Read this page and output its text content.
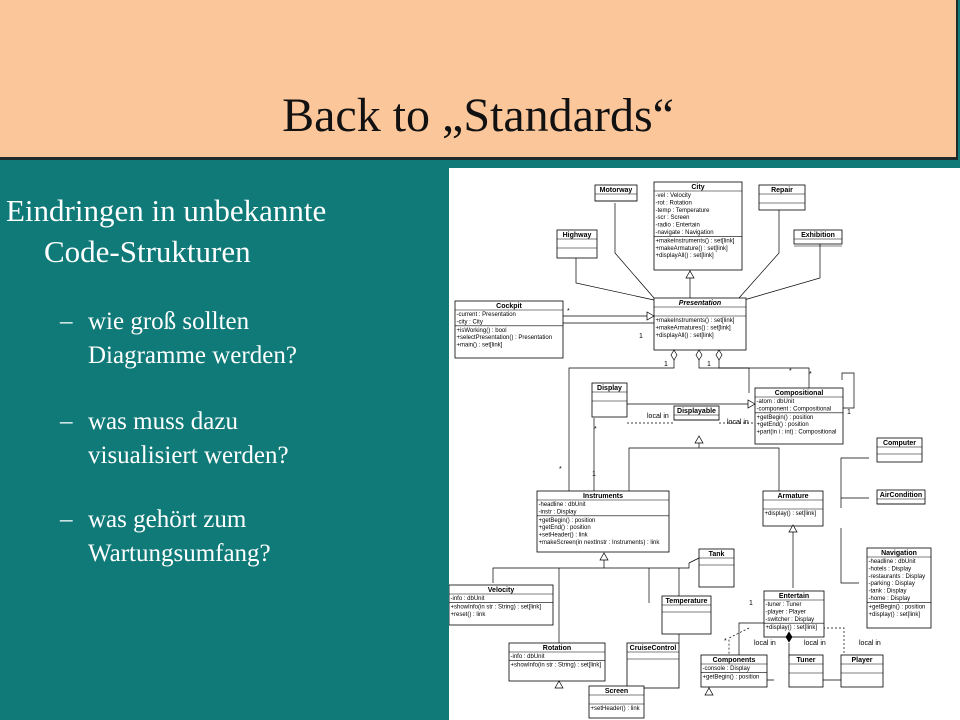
Back to „Standards“
Eindringen in unbekannte
Code-Strukturen
– wie groß sollten
Diagramme werden?
– was muss dazu
visualisiert werden?
– was gehört zum
Wartungsumfang?
Motorway	City
-vel : Velocity
-rot : Rotation
-temp : Temperature
-scr : Screen
-radio : Entertain
-navigate : Navigation
+makeInstruments() : set[link]
+makeArmature() : set[link]
+displayAll() : set[link]
Repair
Highway	Exhibition
Cockpit
-current : Presentation
-city : City
+isWorking() : bool
+selectPresentation() : Presentation
+main() : set[link]
Presentation
+makeInstruments() : set[link]
+makeArmatures() : set[link]
+displayAll() : set[link]
Display
Displayable
Compositional
-atom : dbUnit
-component : Compositional
+getBegin() : position
+getEnd() : position
+part(in i : int) : Compositional
Computer
AirCondition
Instruments
-headline : dbUnit
-instr : Display
+getBegin() : position
+getEnd() : position
+setHeader() : link
+makeScreen(in nextInstr : Instruments) : link
Armature
+display() : set[link]
Navigation
-headline : dbUnit
-hotels : Display
-restaurants : Display
-parking : Display
-tank : Display
-home : Display
+getBegin() : position
+display() : set[link]
Tank
Velocity
-info : dbUnit
+showInfo(in str : String) : set[link]
+reset() : link
Temperature
Entertain
-tuner : Tuner
-player : Player
-switcher : Display
+display() : set[link]
Rotation
-info : dbUnit
+showInfo(in str : String) : set[link]
CruiseControl
Components
-console : Display
+getBegin() : position
Tuner	Player
Screen
+setHeader() : link
*
1
1	1
* *
local in
local in
1
*
*
1
1
*	local in	local in	local in
